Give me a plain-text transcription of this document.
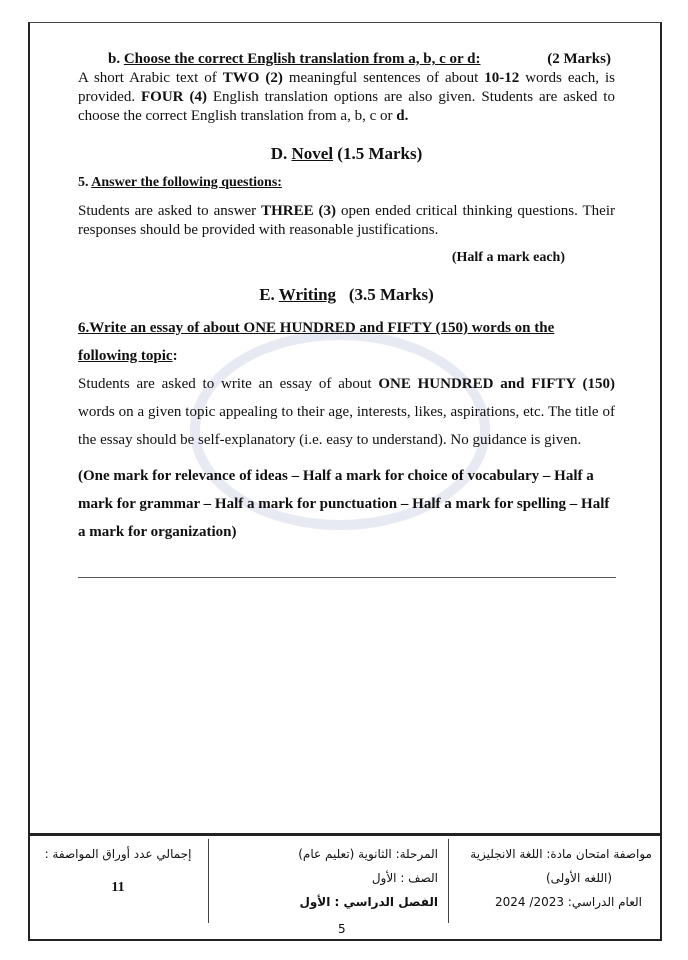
b. Choose the correct English translation from a, b, c or d:	(2 Marks)
A short Arabic text of TWO (2) meaningful sentences of about 10-12 words each, is provided. FOUR (4) English translation options are also given. Students are asked to choose the correct English translation from a, b, c or d.
D. Novel (1.5 Marks)
5. Answer the following questions:
Students are asked to answer THREE (3) open ended critical thinking questions. Their responses should be provided with reasonable justifications.
(Half a mark each)
E. Writing (3.5 Marks)
6.Write an essay of about ONE HUNDRED and FIFTY (150) words on the following topic:
Students are asked to write an essay of about ONE HUNDRED and FIFTY (150) words on a given topic appealing to their age, interests, likes, aspirations, etc. The title of the essay should be self-explanatory (i.e. easy to understand). No guidance is given.
(One mark for relevance of ideas – Half a mark for choice of vocabulary – Half a mark for grammar – Half a mark for punctuation – Half a mark for spelling – Half a mark for organization)
مواصفة امتحان مادة: اللغة الانجليزية
(اللغه الأولى)
العام الدراسي: 2023/ 2024
المرحلة: الثانوية (تعليم عام)
الصف : الأول
الفصل الدراسي : الأول
إجمالي عدد أوراق المواصفة :
11
5
